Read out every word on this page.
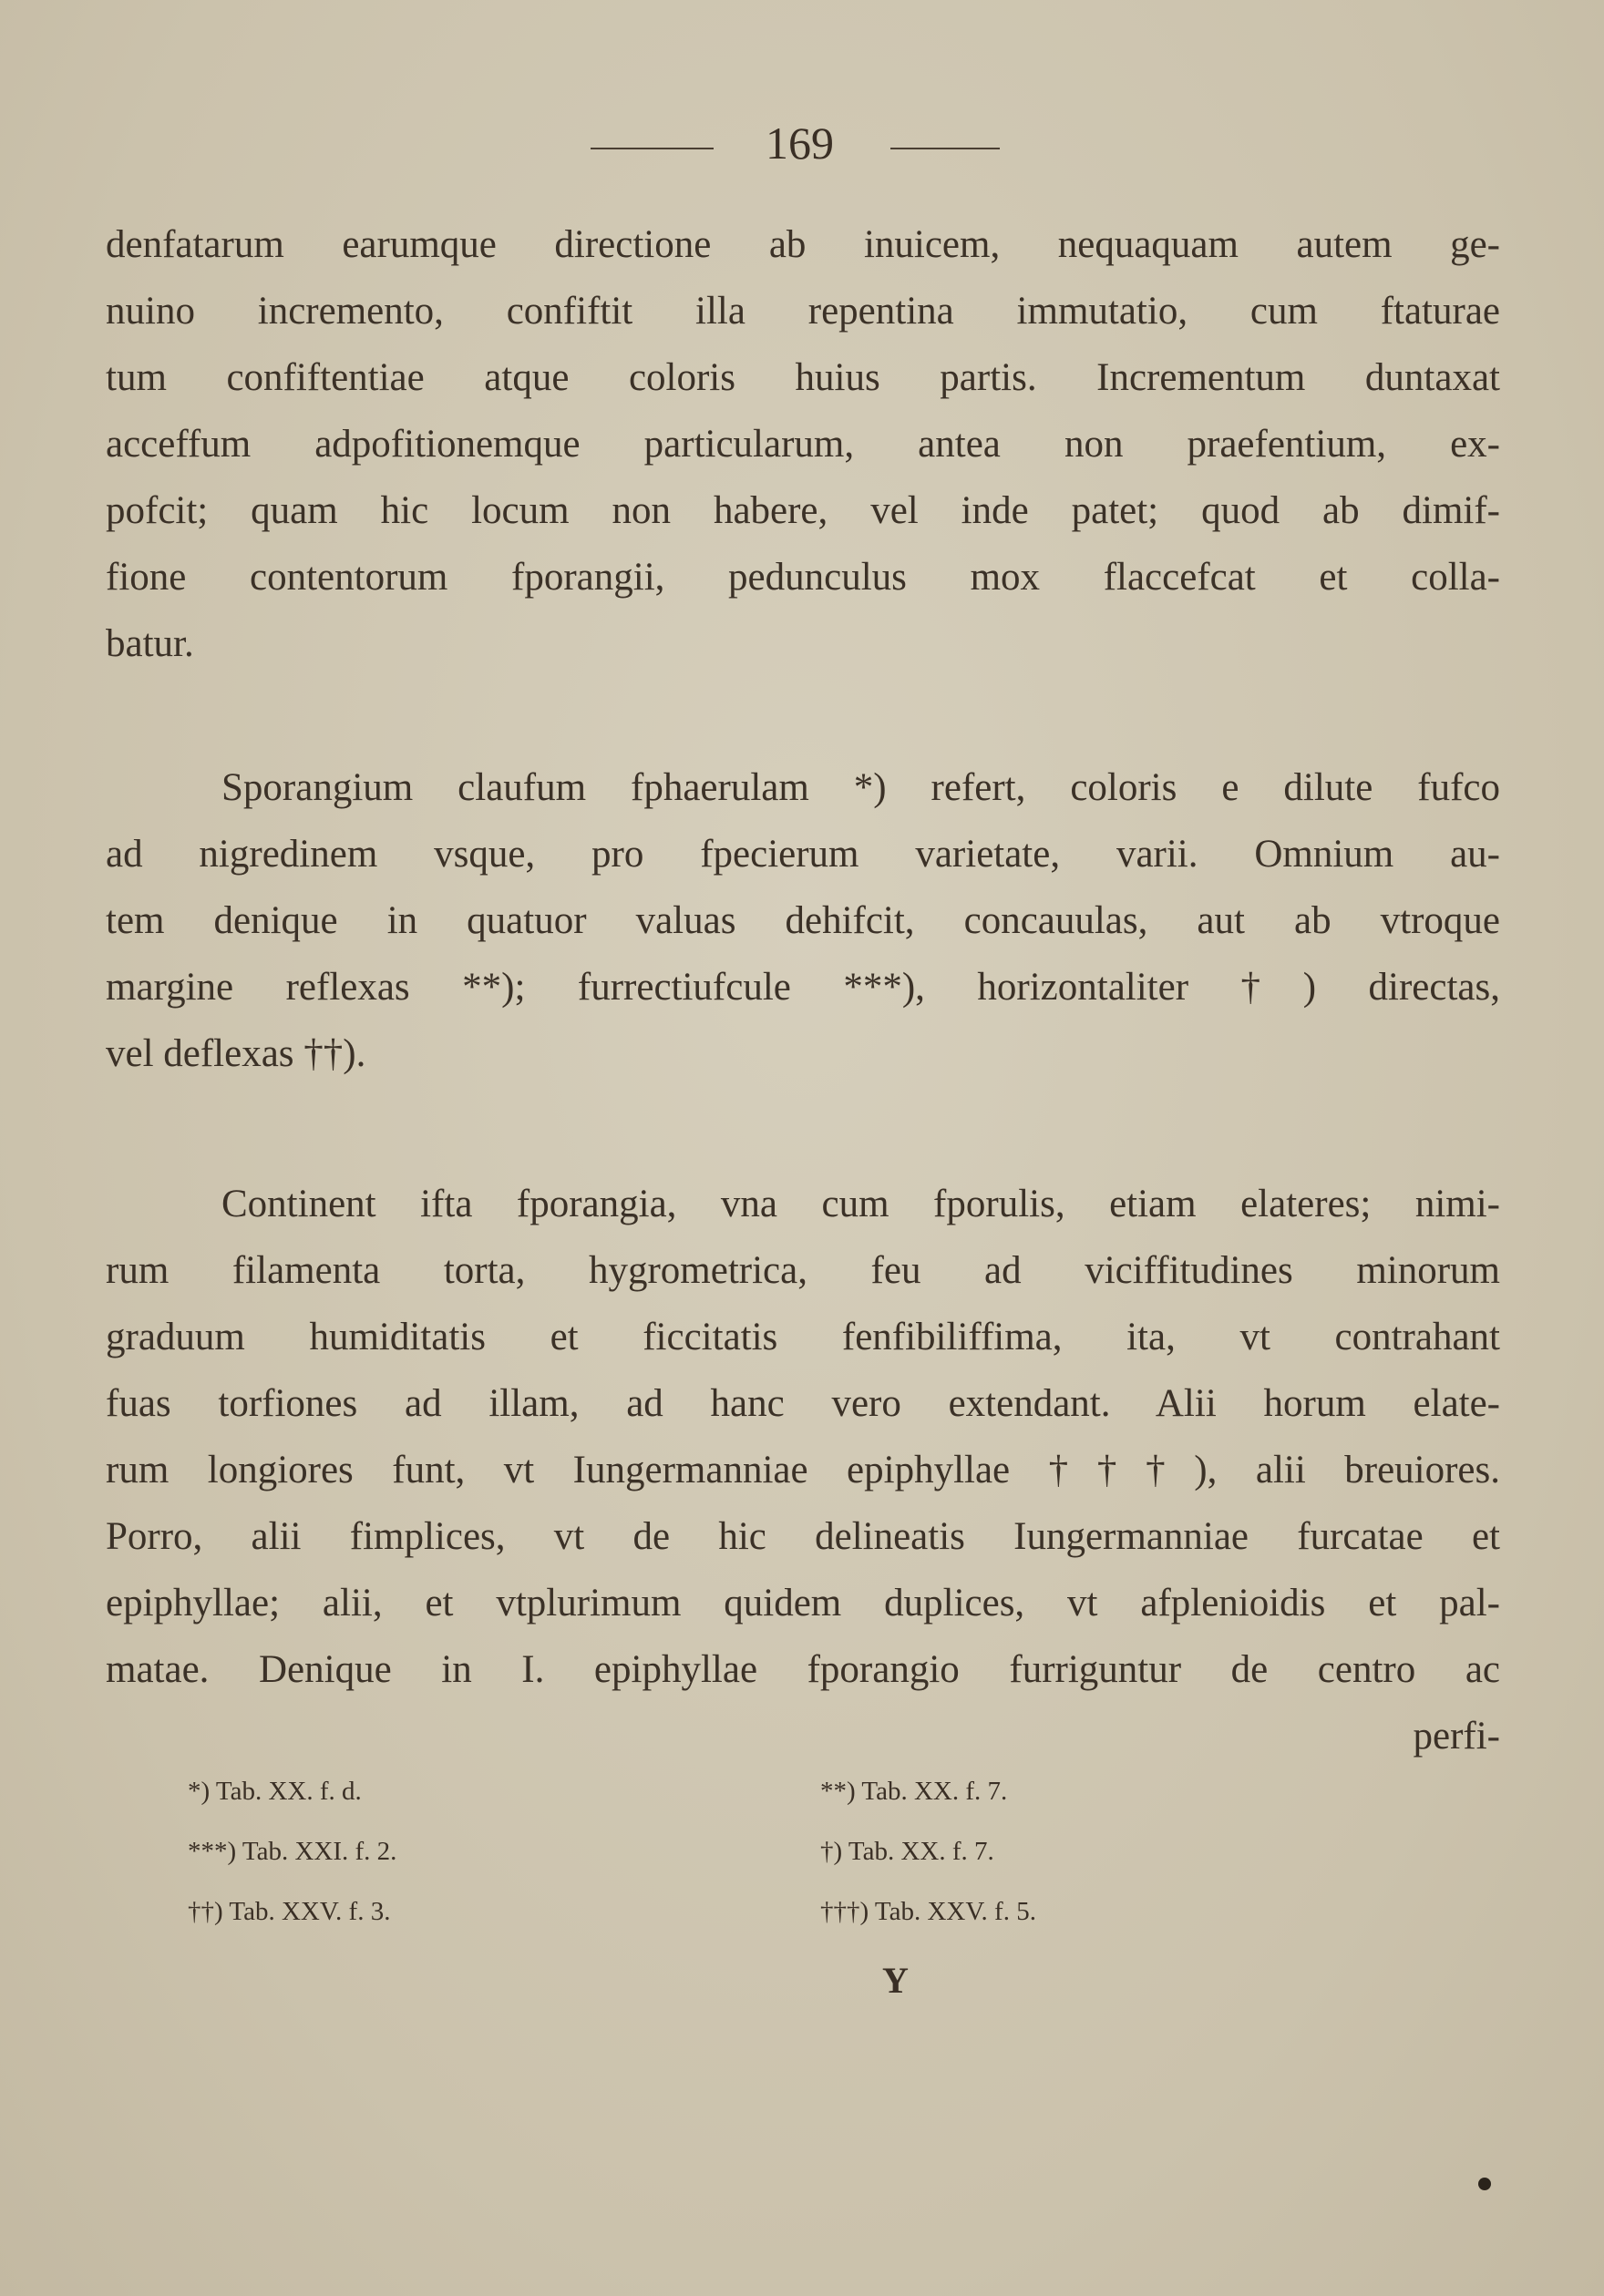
169
denfatarum earumque directione ab inuicem, nequaquam autem ge-
nuino incremento, confiftit illa repentina immutatio, cum ftaturae
tum confiftentiae atque coloris huius partis. Incrementum duntaxat
acceffum adpofitionemque particularum, antea non praefentium, ex-
pofcit; quam hic locum non habere, vel inde patet; quod ab dimif-
fione contentorum fporangii, pedunculus mox flaccefcat et colla-
batur.
Sporangium claufum fphaerulam *) refert, coloris e dilute fufco
ad nigredinem vsque, pro fpecierum varietate, varii. Omnium au-
tem denique in quatuor valuas dehifcit, concauulas, aut ab vtroque
margine reflexas **); furrectiufcule ***), horizontaliter †) directas,
vel deflexas ††).
Continent ifta fporangia, vna cum fporulis, etiam elateres; nimi-
rum filamenta torta, hygrometrica, feu ad viciffitudines minorum
graduum humiditatis et ficcitatis fenfibiliffima, ita, vt contrahant
fuas torfiones ad illam, ad hanc vero extendant. Alii horum elate-
rum longiores funt, vt Iungermanniae epiphyllae †††), alii breuiores.
Porro, alii fimplices, vt de hic delineatis Iungermanniae furcatae et
epiphyllae; alii, et vtplurimum quidem duplices, vt afplenioidis et pal-
matae. Denique in I. epiphyllae fporangio furriguntur de centro ac
perfi-
*) Tab. XX. f. d.	**) Tab. XX. f. 7.
***) Tab. XXI. f. 2.	†) Tab. XX. f. 7.
††) Tab. XXV. f. 3.	†††) Tab. XXV. f. 5.
Y
